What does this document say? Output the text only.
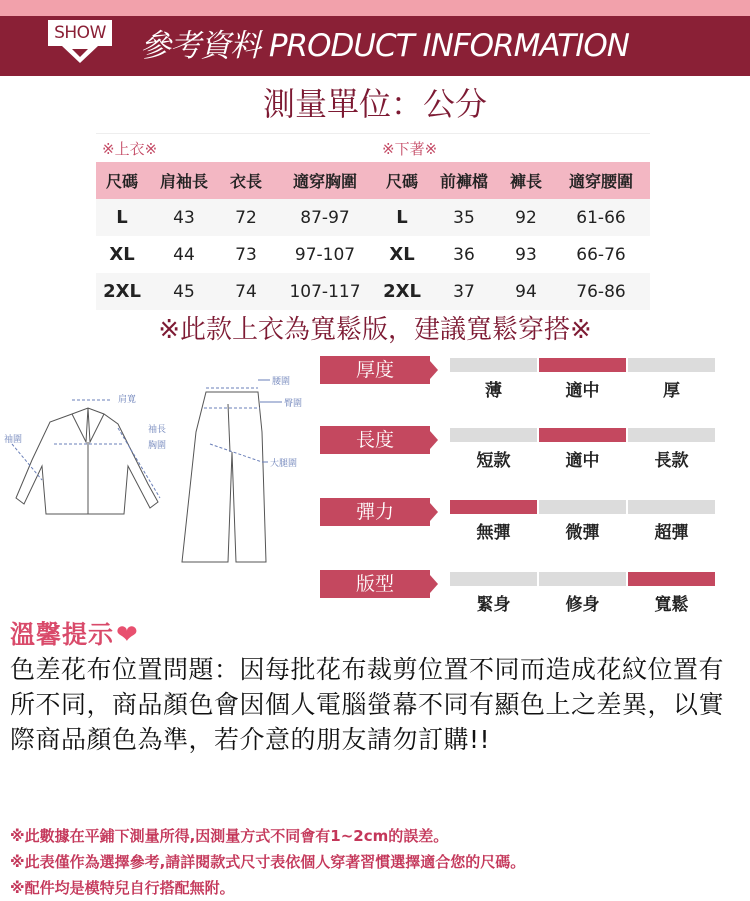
SHOW 參考資料 PRODUCT INFORMATION
測量單位：公分
※上衣※			
尺碼	肩袖長	衣長	適穿胸圍
L	43	72	87-97
XL	44	73	97-107
2XL	45	74	107-117
※下著※			
尺碼	前褲檔	褲長	適穿腰圍
L	35	92	61-66
XL	36	93	66-76
2XL	37	94	76-86
※此款上衣為寬鬆版，建議寬鬆穿搭※
肩寬
袖長
袖圍
胸圍
腰圍
臀圍
大腿圍
厚度
薄	適中	厚
長度
短款	適中	長款
彈力
無彈	微彈	超彈
版型
緊身	修身	寬鬆
溫馨提示❤
色差花布位置問題：因每批花布裁剪位置不同而造成花紋位置有所不同，商品顏色會因個人電腦螢幕不同有顯色上之差異，以實際商品顏色為準，若介意的朋友請勿訂購!!
※此數據在平鋪下測量所得,因測量方式不同會有1~2cm的誤差。
※此表僅作為選擇參考,請詳閱款式尺寸表依個人穿著習慣選擇適合您的尺碼。
※配件均是模特兒自行搭配無附。
